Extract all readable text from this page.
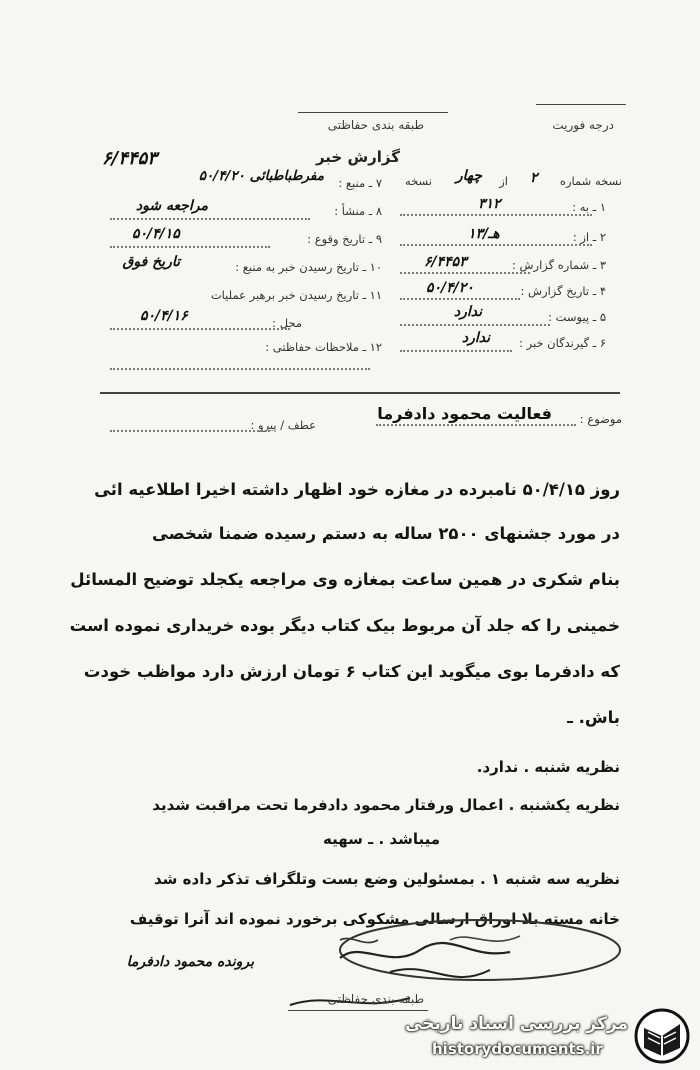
درجه فوریت
طبقه بندی حفاظتی
گزارش خبر
۶/۴۴۵۳
نسخه شماره
۲
از
چهار
نسخه
۱ ـ به :
۳۱۲
۲ ـ از :
۱۳/هـ
۳ ـ شماره گزارش :
۶/۴۴۵۳
۴ ـ تاریخ گزارش :
۵۰/۴/۲۰
۵ ـ پیوست :
ندارد
۶ ـ گیرندگان خبر :
ندارد
۷ ـ منبع :
مفرطباطبائی ۵۰/۴/۲۰
۸ ـ منشأ :
مراجعه شود
۹ ـ تاریخ وقوع :
۵۰/۴/۱۵
۱۰ ـ تاریخ رسیدن خبر به منبع :
تاریخ فوق
۱۱ ـ تاریخ رسیدن خبر برهبر عملیات
محل :
۵۰/۴/۱۶
۱۲ ـ ملاحظات حفاظتی :
موضوع :
فعالیت محمود دادفرما
عطف / پیرو :
روز ۵۰/۴/۱۵ نامبرده در مغازه خود اظهار داشته اخیرا اطلاعیه ائی
در مورد جشنهای ۲۵۰۰ ساله به دستم رسیده ضمنا شخصی
بنام شکری در همین ساعت بمغازه وی مراجعه یکجلد توضیح المسائل
خمینی را که جلد آن مربوط بیک کتاب دیگر بوده خریداری نموده است
که دادفرما بوی میگوید این کتاب ۶ تومان ارزش دارد مواظب خودت
باش. ـ
نظریه شنبه . ندارد.
نظریه یکشنبه . اعمال ورفتار محمود دادفرما تحت مراقبت شدید
میباشد . ـ سهیه
نظریه سه شنبه ۱ . بمسئولین وضع بست وتلگراف تذکر داده شد
خانه مسته بلا اوراق ارسالی مشکوکی برخورد نموده اند آنرا توقیف
برونده محمود دادفرما
طبقه بندی حفاظتی
مرکز بررسی اسناد تاریخی
historydocuments.ir
